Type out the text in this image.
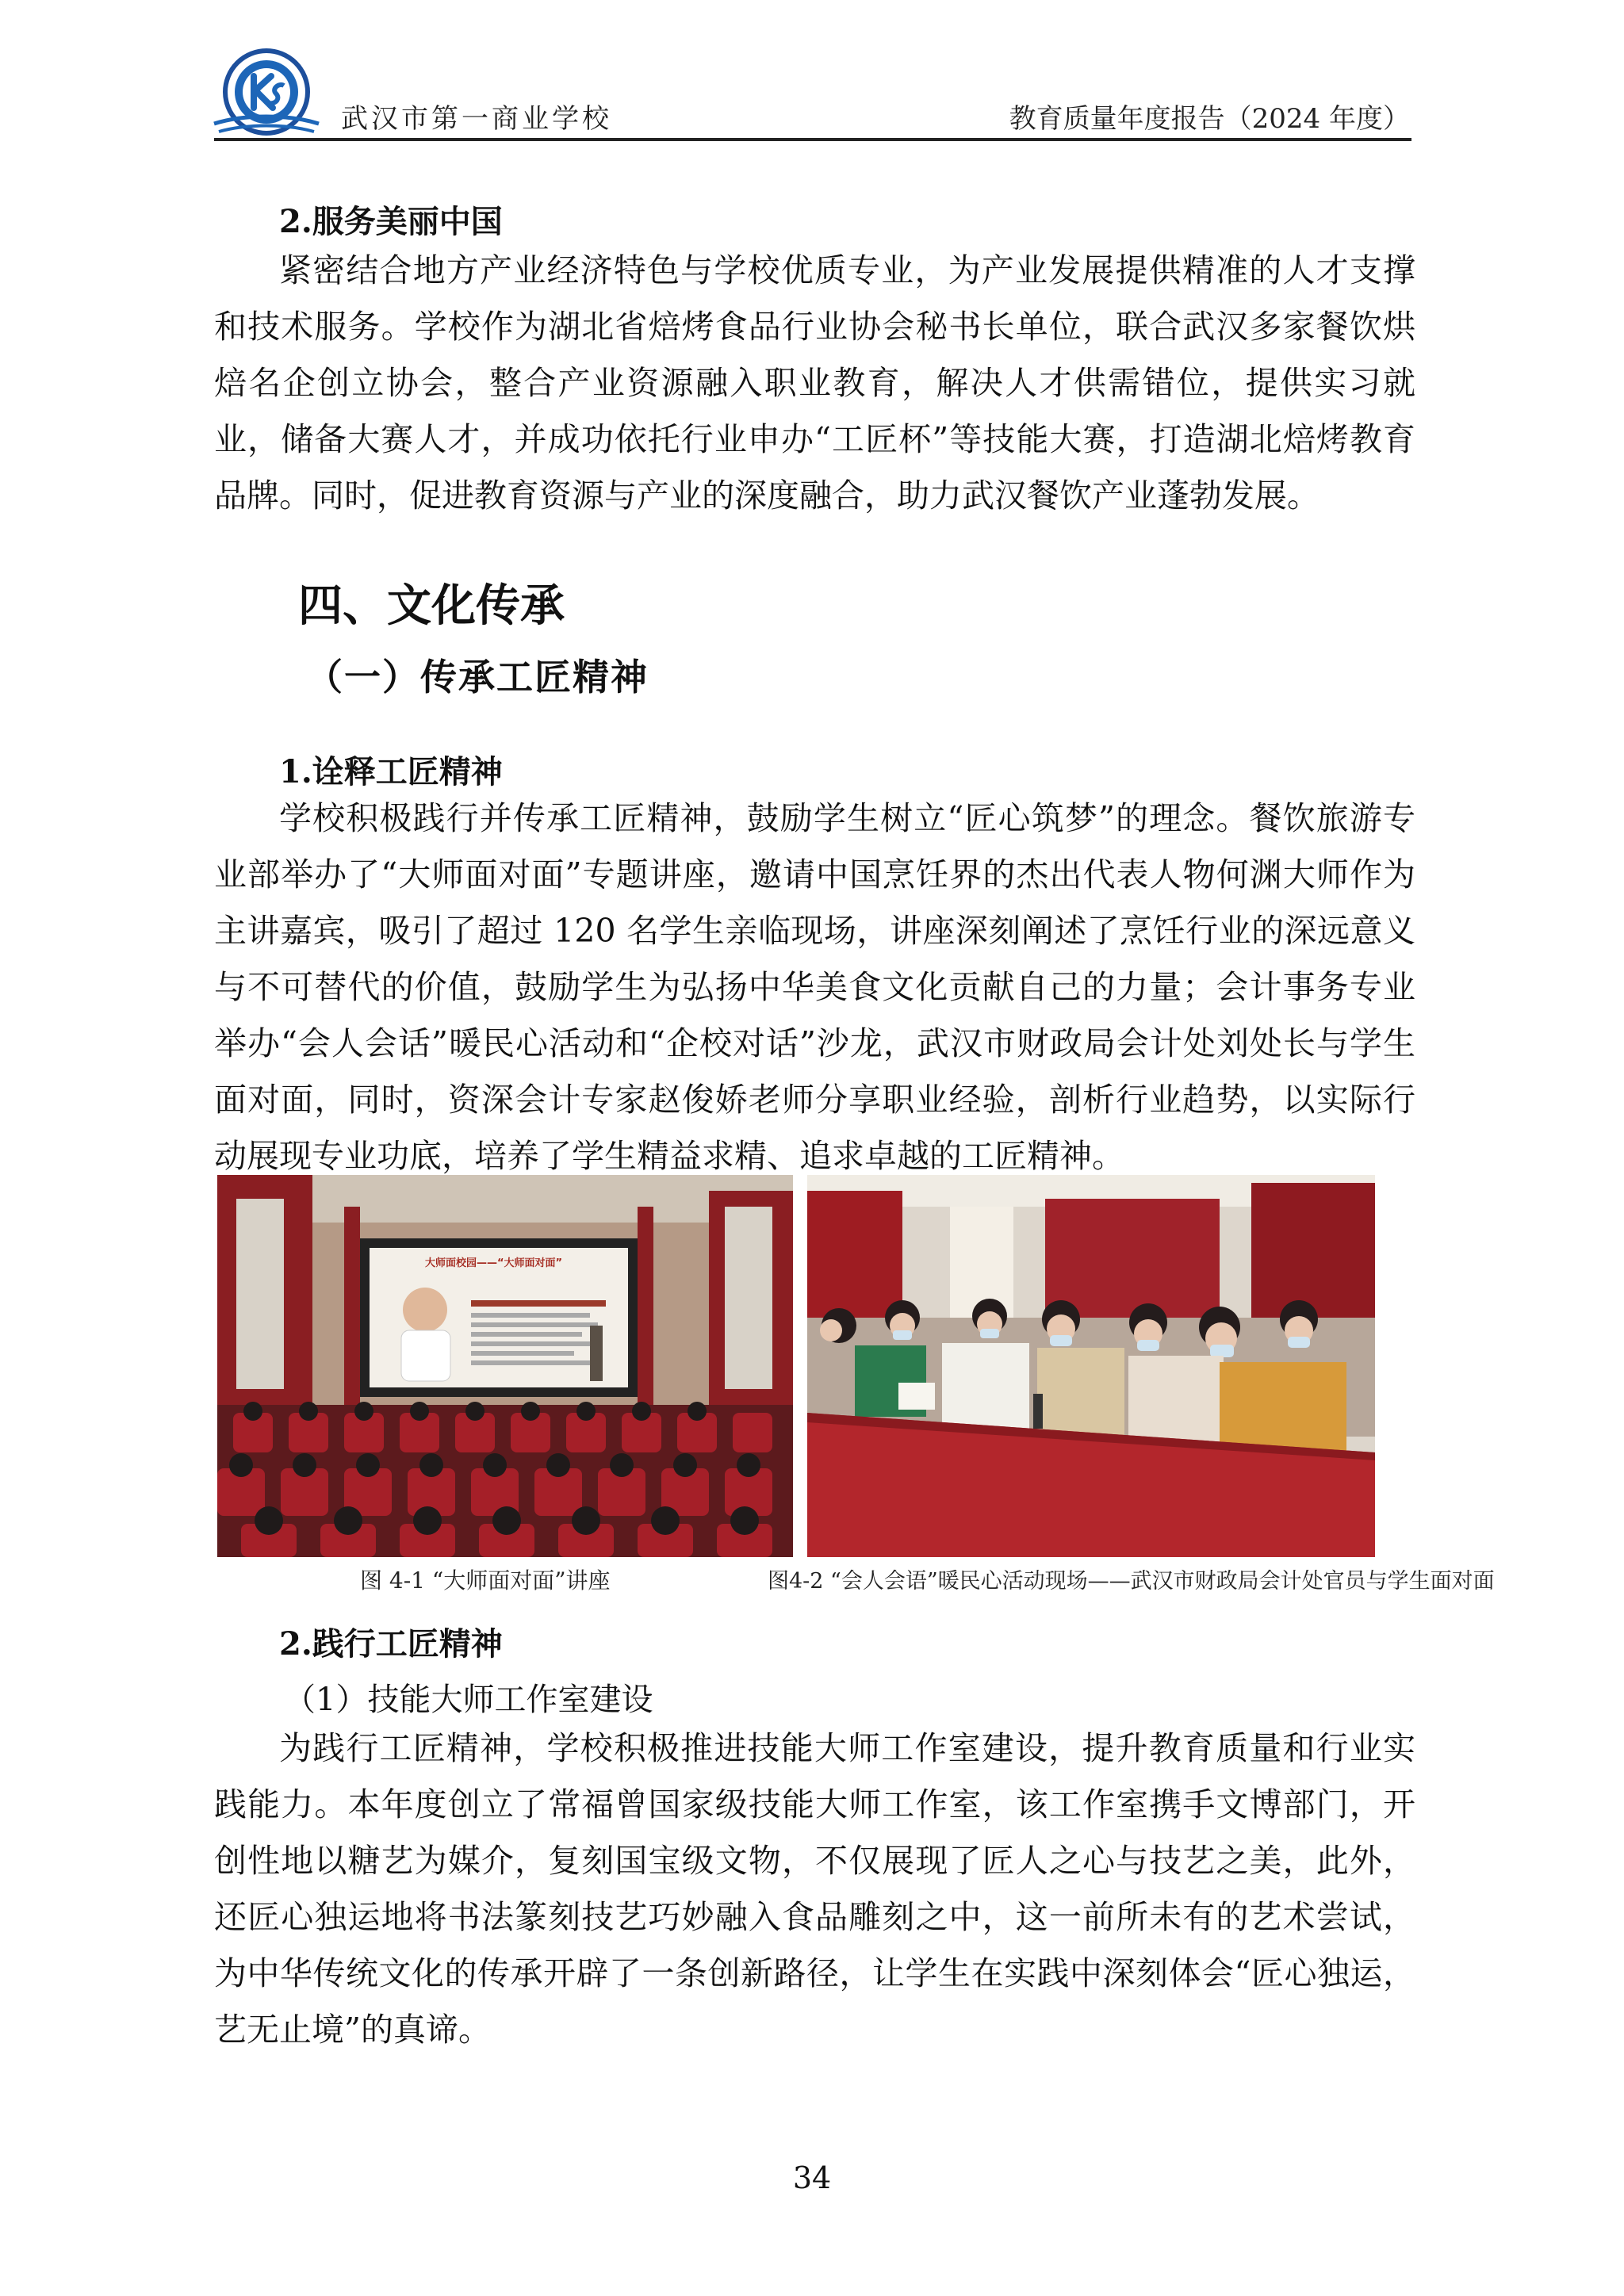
武汉市第一商业学校	教育质量年度报告（2024 年度）
2.服务美丽中国

紧密结合地方产业经济特色与学校优质专业，为产业发展提供精准的人才支撑和技术服务。学校作为湖北省焙烤食品行业协会秘书长单位，联合武汉多家餐饮烘焙名企创立协会，整合产业资源融入职业教育，解决人才供需错位，提供实习就业，储备大赛人才，并成功依托行业申办“工匠杯”等技能大赛，打造湖北焙烤教育品牌。同时，促进教育资源与产业的深度融合，助力武汉餐饮产业蓬勃发展。

四、文化传承
（一）传承工匠精神
1.诠释工匠精神

学校积极践行并传承工匠精神，鼓励学生树立“匠心筑梦”的理念。餐饮旅游专业部举办了“大师面对面”专题讲座，邀请中国烹饪界的杰出代表人物何渊大师作为主讲嘉宾，吸引了超过 120 名学生亲临现场，讲座深刻阐述了烹饪行业的深远意义与不可替代的价值，鼓励学生为弘扬中华美食文化贡献自己的力量；会计事务专业举办“会人会话”暖民心活动和“企校对话”沙龙，武汉市财政局会计处刘处长与学生面对面，同时，资深会计专家赵俊娇老师分享职业经验，剖析行业趋势，以实际行动展现专业功底，培养了学生精益求精、追求卓越的工匠精神。

大师面校园——“大师面对面”
图 4-1 “大师面对面”讲座	图4-2 “会人会语”暖民心活动现场——武汉市财政局会计处官员与学生面对面
2.践行工匠精神
（1）技能大师工作室建设

为践行工匠精神，学校积极推进技能大师工作室建设，提升教育质量和行业实践能力。本年度创立了常福曾国家级技能大师工作室，该工作室携手文博部门，开创性地以糖艺为媒介，复刻国宝级文物，不仅展现了匠人之心与技艺之美，此外，还匠心独运地将书法篆刻技艺巧妙融入食品雕刻之中，这一前所未有的艺术尝试，为中华传统文化的传承开辟了一条创新路径，让学生在实践中深刻体会“匠心独运，艺无止境”的真谛。

34
